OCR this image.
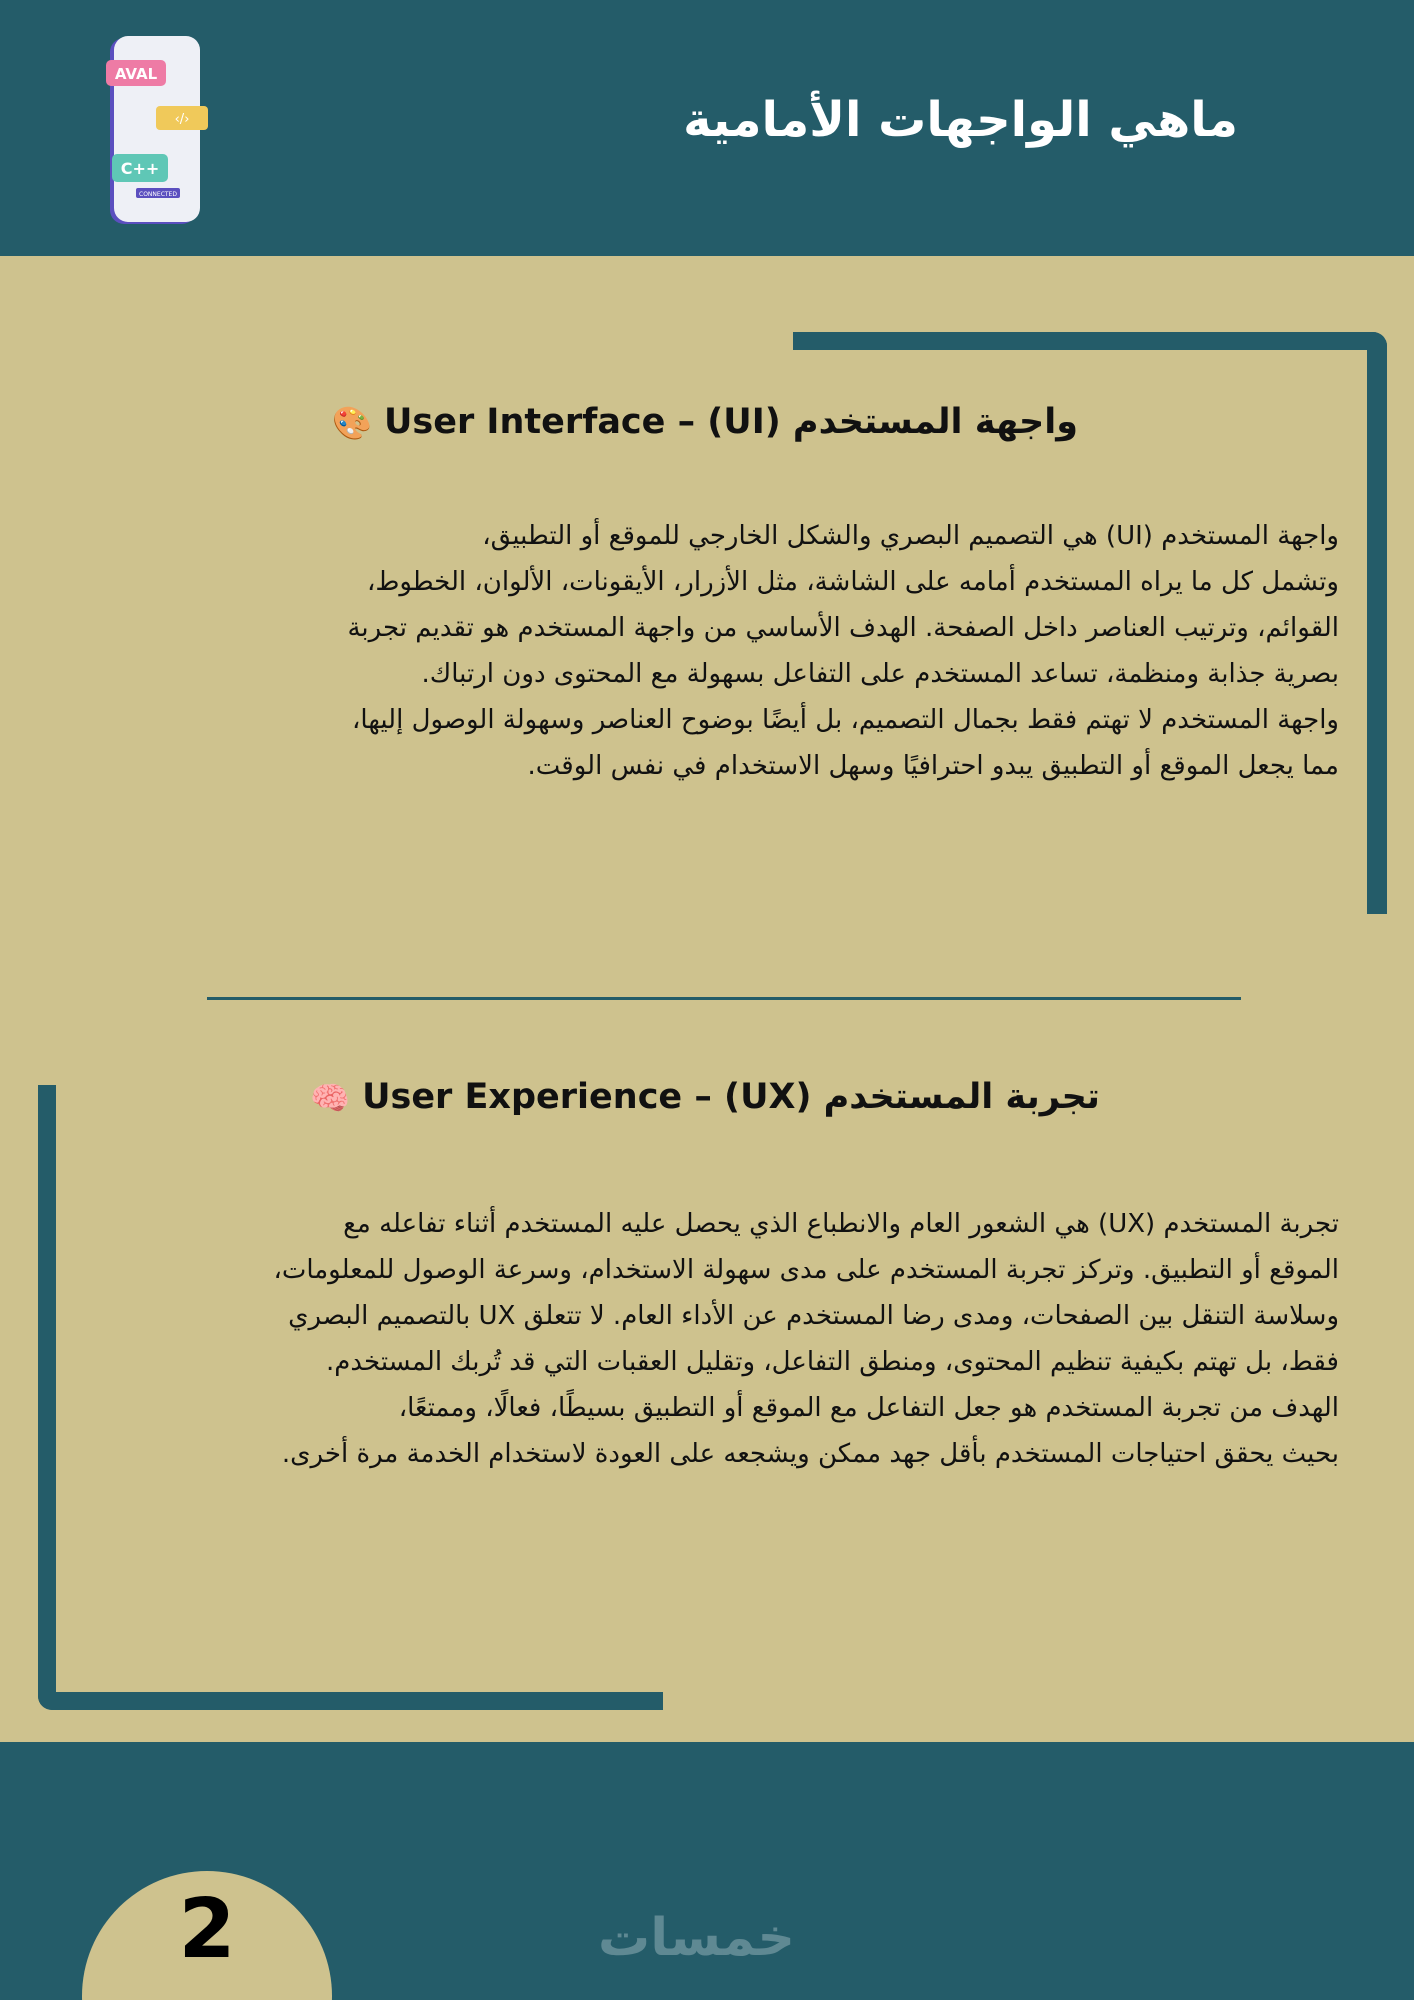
AVAL
‹/›
C++
CONNECTED
ماهي الواجهات الأمامية
🎨 واجهة المستخدم (UI) – User Interface

واجهة المستخدم (UI) هي التصميم البصري والشكل الخارجي للموقع أو التطبيق،

وتشمل كل ما يراه المستخدم أمامه على الشاشة، مثل الأزرار، الأيقونات، الألوان، الخطوط،

القوائم، وترتيب العناصر داخل الصفحة. الهدف الأساسي من واجهة المستخدم هو تقديم تجربة

بصرية جذابة ومنظمة، تساعد المستخدم على التفاعل بسهولة مع المحتوى دون ارتباك.

واجهة المستخدم لا تهتم فقط بجمال التصميم، بل أيضًا بوضوح العناصر وسهولة الوصول إليها،

مما يجعل الموقع أو التطبيق يبدو احترافيًا وسهل الاستخدام في نفس الوقت.

🧠 تجربة المستخدم (UX) – User Experience

تجربة المستخدم (UX) هي الشعور العام والانطباع الذي يحصل عليه المستخدم أثناء تفاعله مع

الموقع أو التطبيق. وتركز تجربة المستخدم على مدى سهولة الاستخدام، وسرعة الوصول للمعلومات،

وسلاسة التنقل بين الصفحات، ومدى رضا المستخدم عن الأداء العام. لا تتعلق UX بالتصميم البصري

فقط، بل تهتم بكيفية تنظيم المحتوى، ومنطق التفاعل، وتقليل العقبات التي قد تُربك المستخدم.

الهدف من تجربة المستخدم هو جعل التفاعل مع الموقع أو التطبيق بسيطًا، فعالًا، وممتعًا،

بحيث يحقق احتياجات المستخدم بأقل جهد ممكن ويشجعه على العودة لاستخدام الخدمة مرة أخرى.

2	خمسات
